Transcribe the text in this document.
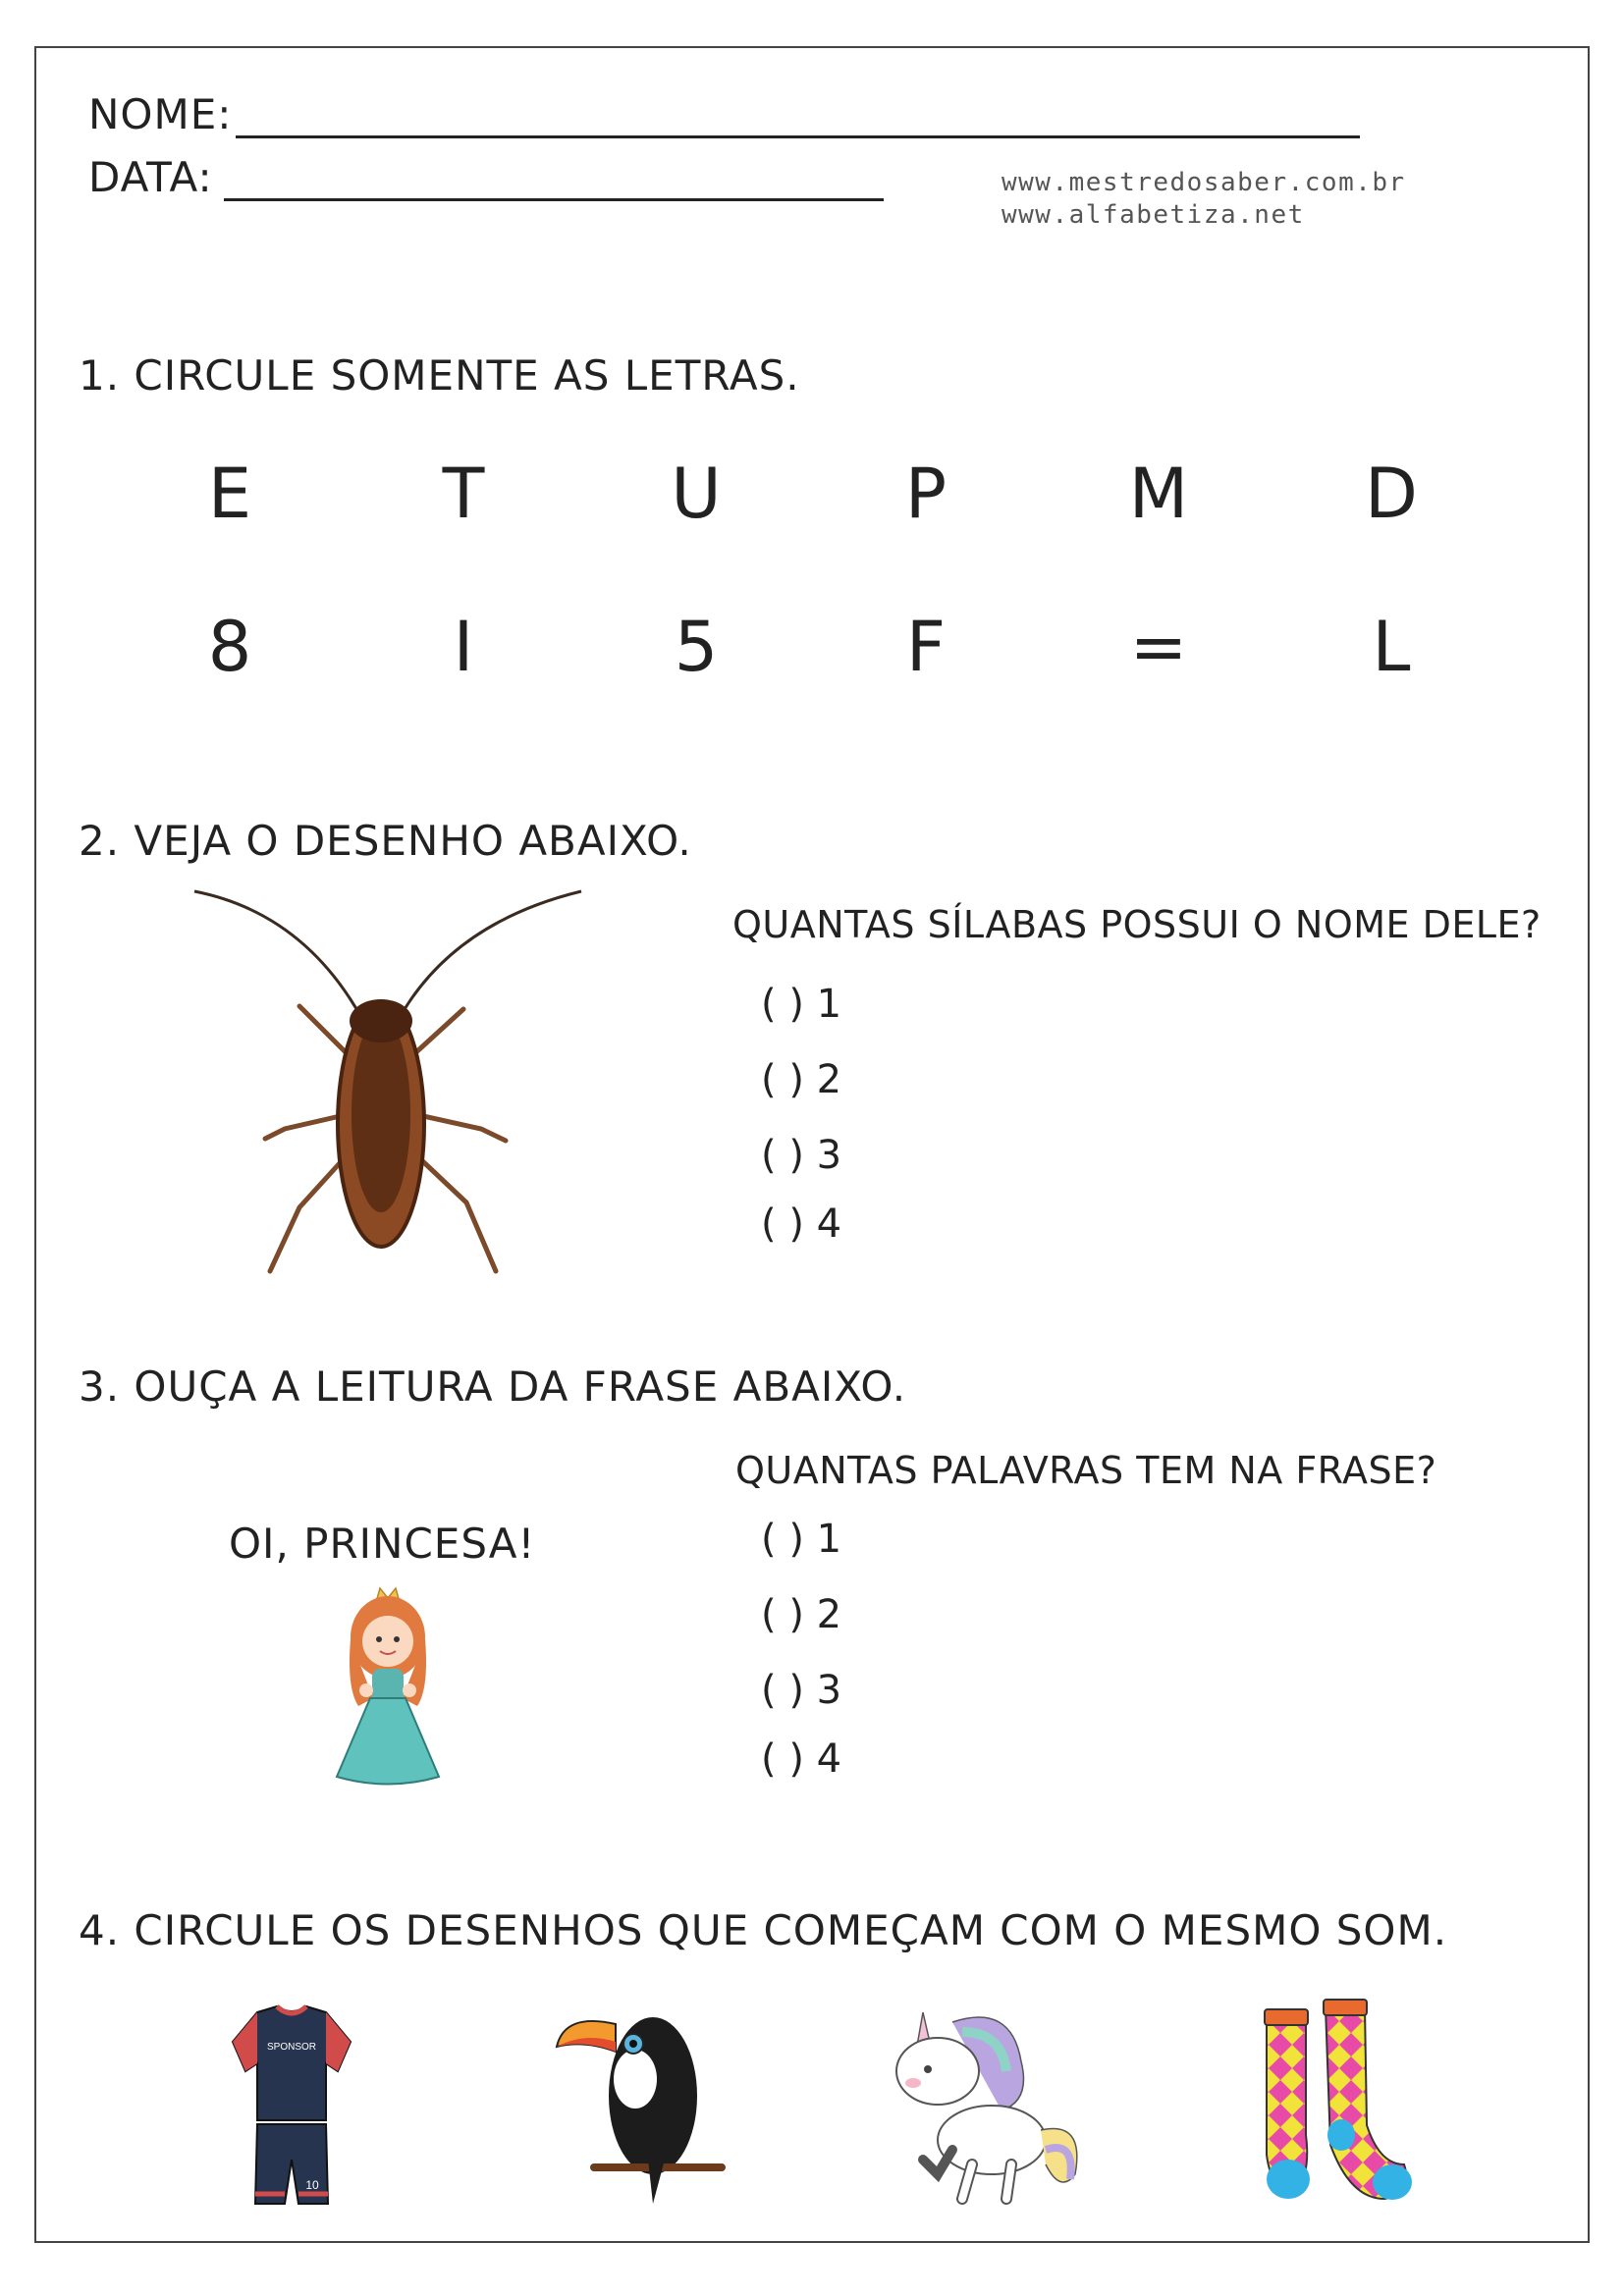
NOME:
DATA:	www.mestredosaber.com.br
www.alfabetiza.net
1. CIRCULE SOMENTE AS LETRAS.
E	T	U	P	M	D
8	I	5	F	=	L
2. VEJA O DESENHO ABAIXO.
QUANTAS SÍLABAS POSSUI O NOME DELE?
( ) 1
( ) 2
( ) 3
( ) 4
3. OUÇA A LEITURA DA FRASE ABAIXO.
QUANTAS PALAVRAS TEM NA FRASE?
OI, PRINCESA!	( ) 1
( ) 2
( ) 3
( ) 4
4. CIRCULE OS DESENHOS QUE COMEÇAM COM O MESMO SOM.
SPONSOR
10
